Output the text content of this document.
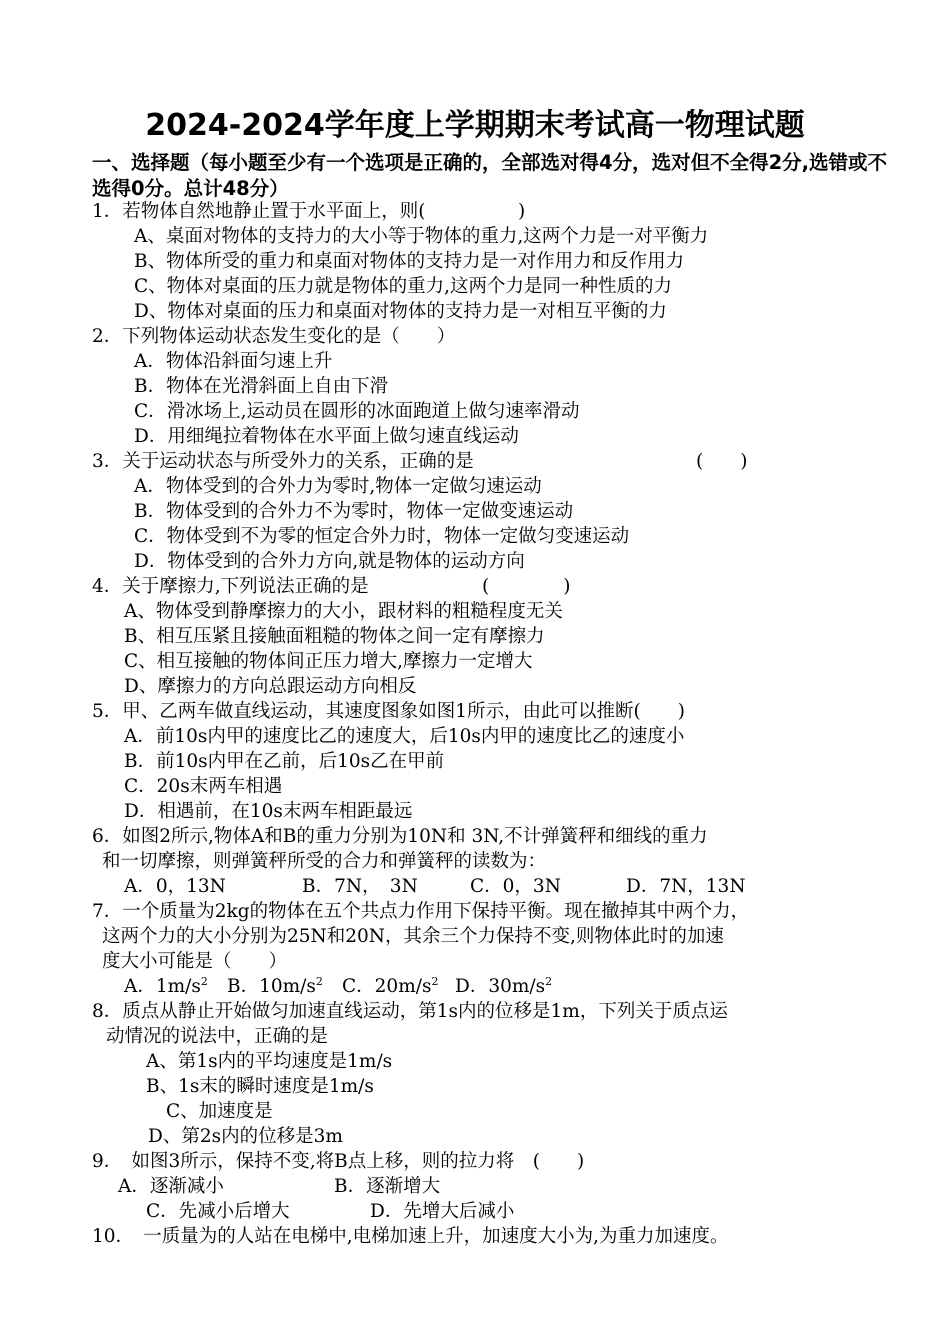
2024-2024学年度上学期期末考试高一物理试题
一、选择题（每小题至少有一个选项是正确的，全部选对得4分，选对但不全得2分,选错或不选得0分。总计48分）
1．若物体自然地静止置于水平面上，则(　　　　　)
A、桌面对物体的支持力的大小等于物体的重力,这两个力是一对平衡力
B、物体所受的重力和桌面对物体的支持力是一对作用力和反作用力
C、物体对桌面的压力就是物体的重力,这两个力是同一种性质的力
D、物体对桌面的压力和桌面对物体的支持力是一对相互平衡的力
2．下列物体运动状态发生变化的是（　　）
A．物体沿斜面匀速上升
B．物体在光滑斜面上自由下滑
C．滑冰场上,运动员在圆形的冰面跑道上做匀速率滑动
D．用细绳拉着物体在水平面上做匀速直线运动
3．关于运动状态与所受外力的关系，正确的是	(　　)
A．物体受到的合外力为零时,物体一定做匀速运动
B．物体受到的合外力不为零时，物体一定做变速运动
C．物体受到不为零的恒定合外力时，物体一定做匀变速运动
D．物体受到的合外力方向,就是物体的运动方向
4．关于摩擦力,下列说法正确的是	(　　　　)
A、物体受到静摩擦力的大小，跟材料的粗糙程度无关
B、相互压紧且接触面粗糙的物体之间一定有摩擦力
C、相互接触的物体间正压力增大,摩擦力一定增大
D、摩擦力的方向总跟运动方向相反
5．甲、乙两车做直线运动，其速度图象如图1所示，由此可以推断(　　)
A．前10s内甲的速度比乙的速度大，后10s内甲的速度比乙的速度小
B．前10s内甲在乙前，后10s乙在甲前
C．20s末两车相遇
D．相遇前，在10s末两车相距最远
6．如图2所示,物体A和B的重力分别为10N和 3N,不计弹簧秤和细线的重力
和一切摩擦，则弹簧秤所受的合力和弹簧秤的读数为：
A．0，13N	B．7N，　3N	C．0，3N	D．7N，13N
7．一个质量为2kg的物体在五个共点力作用下保持平衡。现在撤掉其中两个力，
这两个力的大小分别为25N和20N，其余三个力保持不变,则物体此时的加速
度大小可能是（　　）
A．$1m/s^2$ B．$10m/s^2$ C．$20m/s^2$ D．$30m/s^2$
8．质点从静止开始做匀加速直线运动，第1s内的位移是1m，下列关于质点运
动情况的说法中，正确的是
A、第1s内的平均速度是1m/s
B、1s末的瞬时速度是1m/s
C、加速度是
D、第2s内的位移是3m
9．　如图3所示，保持不变,将B点上移，则的拉力将　(　　)
A．逐渐减小	B．逐渐增大
C．先减小后增大	D．先增大后减小
10．　一质量为的人站在电梯中,电梯加速上升，加速度大小为,为重力加速度。
